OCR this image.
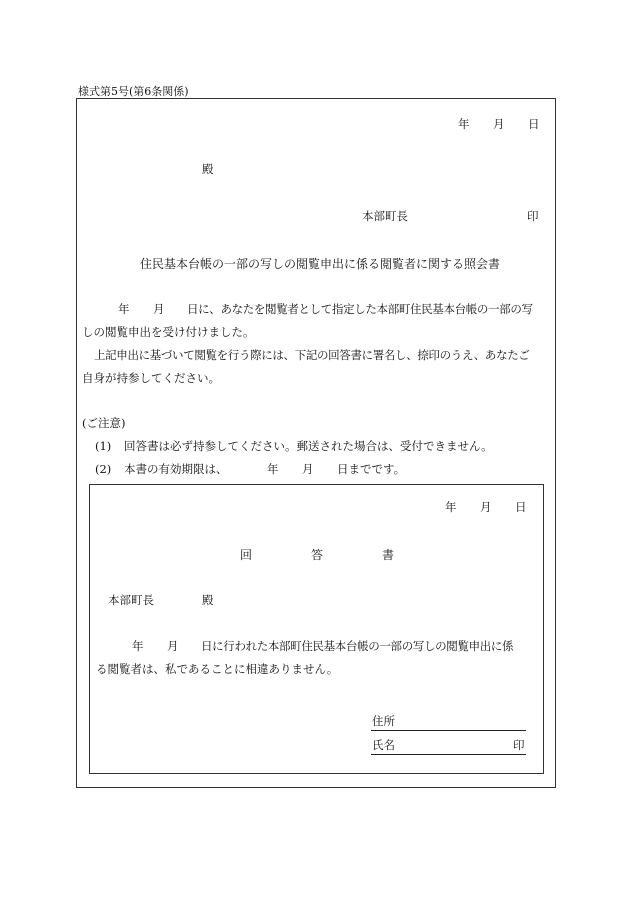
様式第5号(第6条関係)
年 月 日
殿
本部町長	印
住民基本台帳の一部の写しの閲覧申出に係る閲覧者に関する照会書
年 月 日に、あなたを閲覧者として指定した本部町住民基本台帳の一部の写
しの閲覧申出を受け付けました。
上記申出に基づいて閲覧を行う際には、下記の回答書に署名し、捺印のうえ、あなたご
自身が持参してください。
(ご注意)
(1) 回答書は必ず持参してください。郵送された場合は、受付できません。
(2) 本書の有効期限は、	年 月 日までです。
年 月 日
回	答	書
本部町長	殿
年 月 日に行われた本部町住民基本台帳の一部の写しの閲覧申出に係
る閲覧者は、私であることに相違ありません。
住所
氏名	印
